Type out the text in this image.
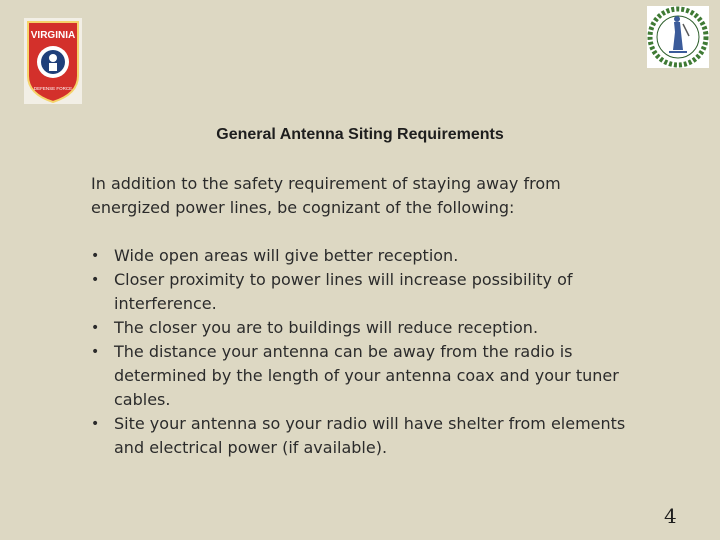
VIRGINIA
DEFENSE FORCE
General Antenna Siting Requirements
In addition to the safety requirement of staying away from energized power lines, be cognizant of the following:
• Wide open areas will give better reception.
• Closer proximity to power lines will increase possibility of interference.
• The closer you are to buildings will reduce reception.
• The distance your antenna can be away from the radio is determined by the length of your antenna coax and your tuner cables.
• Site your antenna so your radio will have shelter from elements and electrical power (if available).
4
